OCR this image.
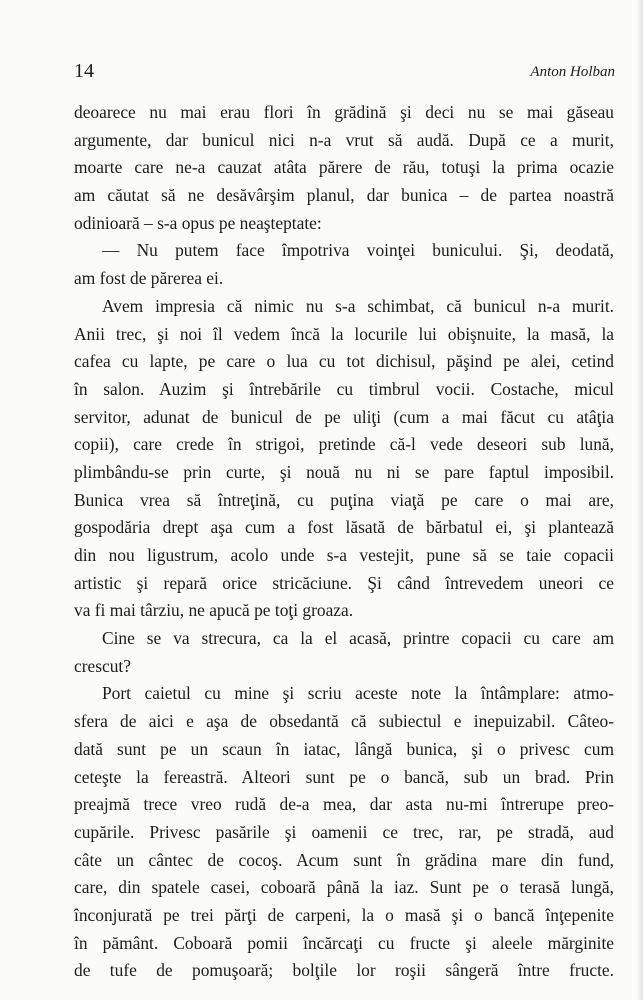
14	Anton Holban
deoarece nu mai erau flori în grădină şi deci nu se mai găseau
argumente, dar bunicul nici n-a vrut să audă. După ce a murit,
moarte care ne-a cauzat atâta părere de rău, totuşi la prima ocazie
am căutat să ne desăvârşim planul, dar bunica – de partea noastră
odinioară – s-a opus pe neaşteptate:
— Nu putem face împotriva voinţei bunicului. Şi, deodată,
am fost de părerea ei.
Avem impresia că nimic nu s-a schimbat, că bunicul n-a murit.
Anii trec, şi noi îl vedem încă la locurile lui obişnuite, la masă, la
cafea cu lapte, pe care o lua cu tot dichisul, păşind pe alei, cetind
în salon. Auzim şi întrebările cu timbrul vocii. Costache, micul
servitor, adunat de bunicul de pe uliţi (cum a mai făcut cu atâţia
copii), care crede în strigoi, pretinde că-l vede deseori sub lună,
plimbându-se prin curte, şi nouă nu ni se pare faptul imposibil.
Bunica vrea să întreţină, cu puţina viaţă pe care o mai are,
gospodăria drept aşa cum a fost lăsată de bărbatul ei, şi plantează
din nou ligustrum, acolo unde s-a vestejit, pune să se taie copacii
artistic şi repară orice stricăciune. Şi când întrevedem uneori ce
va fi mai târziu, ne apucă pe toţi groaza.
Cine se va strecura, ca la el acasă, printre copacii cu care am
crescut?
Port caietul cu mine şi scriu aceste note la întâmplare: atmo-
sfera de aici e aşa de obsedantă că subiectul e inepuizabil. Câteo-
dată sunt pe un scaun în iatac, lângă bunica, şi o privesc cum
ceteşte la fereastră. Alteori sunt pe o bancă, sub un brad. Prin
preajmă trece vreo rudă de-a mea, dar asta nu-mi întrerupe preo-
cupările. Privesc pasările şi oamenii ce trec, rar, pe stradă, aud
câte un cântec de cocoş. Acum sunt în grădina mare din fund,
care, din spatele casei, coboară până la iaz. Sunt pe o terasă lungă,
înconjurată pe trei părţi de carpeni, la o masă şi o bancă înţepenite
în pământ. Coboară pomii încărcaţi cu fructe şi aleele mărginite
de tufe de pomuşoară; bolţile lor roşii sângeră între fructe.
